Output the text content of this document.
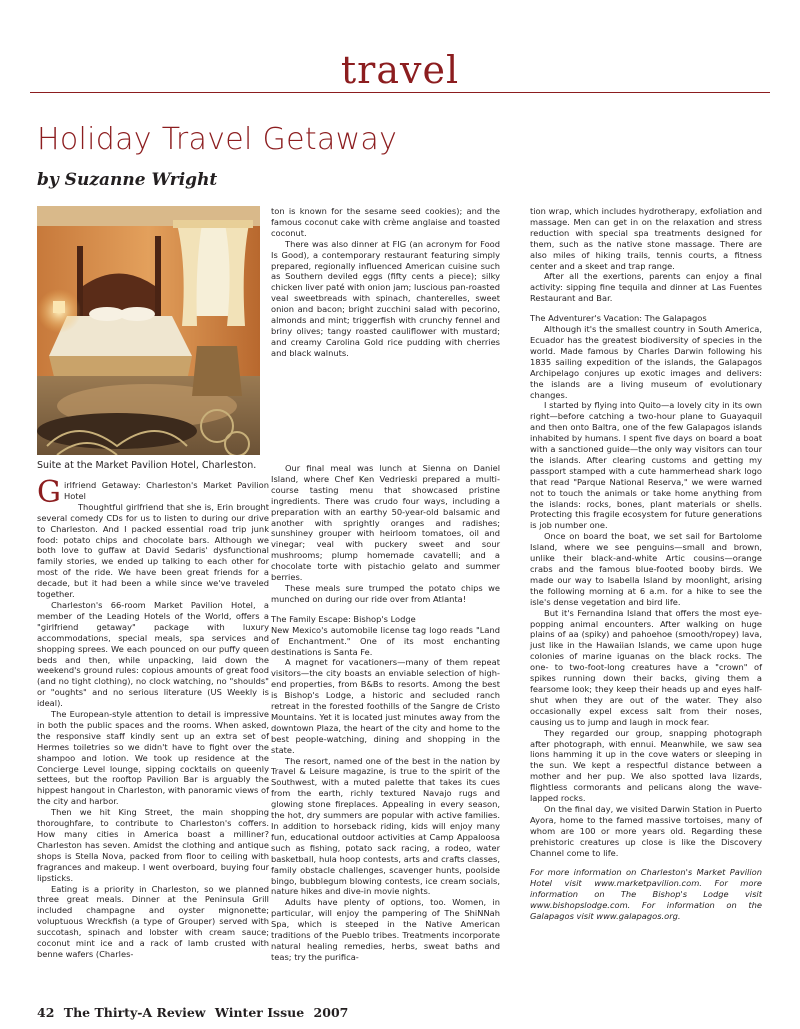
travel
Holiday Travel Getaway
by Suzanne Wright
Suite at the Market Pavilion Hotel, Charleston.

Girlfriend Getaway: Charleston's Market Pavilion Hotel

Thoughtful girlfriend that she is, Erin brought several comedy CDs for us to listen to during our drive to Charleston. And I packed essential road trip junk food: potato chips and chocolate bars. Although we both love to guffaw at David Sedaris' dysfunctional family stories, we ended up talking to each other for most of the ride. We have been great friends for a decade, but it had been a while since we've traveled together.

Charleston's 66-room Market Pavilion Hotel, a member of the Leading Hotels of the World, offers a "girlfriend getaway" package with luxury accommodations, special meals, spa services and shopping sprees. We each pounced on our puffy queen beds and then, while unpacking, laid down the weekend's ground rules: copious amounts of great food (and no tight clothing), no clock watching, no "shoulds" or "oughts" and no serious literature (US Weekly is ideal).

The European-style attention to detail is impressive in both the public spaces and the rooms. When asked, the responsive staff kindly sent up an extra set of Hermes toiletries so we didn't have to fight over the shampoo and lotion. We took up residence at the Concierge Level lounge, sipping cocktails on queenly settees, but the rooftop Pavilion Bar is arguably the hippest hangout in Charleston, with panoramic views of the city and harbor.

Then we hit King Street, the main shopping thoroughfare, to contribute to Charleston's coffers. How many cities in America boast a milliner? Charleston has seven. Amidst the clothing and antique shops is Stella Nova, packed from floor to ceiling with fragrances and makeup. I went overboard, buying four lipsticks.

Eating is a priority in Charleston, so we planned three great meals. Dinner at the Peninsula Grill included champagne and oyster mignonette; voluptuous Wreckfish (a type of Grouper) served with succotash, spinach and lobster with cream sauce; coconut mint ice and a rack of lamb crusted with benne wafers (Charles-

ton is known for the sesame seed cookies); and the famous coconut cake with crème anglaise and toasted coconut.

There was also dinner at FIG (an acronym for Food Is Good), a contemporary restaurant featuring simply prepared, regionally influenced American cuisine such as Southern deviled eggs (fifty cents a piece); silky chicken liver paté with onion jam; luscious pan-roasted veal sweetbreads with spinach, chanterelles, sweet onion and bacon; bright zucchini salad with pecorino, almonds and mint; triggerfish with crunchy fennel and briny olives; tangy roasted cauliflower with mustard; and creamy Carolina Gold rice pudding with cherries and black walnuts.

Our final meal was lunch at Sienna on Daniel Island, where Chef Ken Vedrieski prepared a multi-course tasting menu that showcased pristine ingredients. There was crudo four ways, including a preparation with an earthy 50-year-old balsamic and another with sprightly oranges and radishes; sunshiney grouper with heirloom tomatoes, oil and vinegar; veal with puckery sweet and sour mushrooms; plump homemade cavatelli; and a chocolate torte with pistachio gelato and summer berries.

These meals sure trumped the potato chips we munched on during our ride over from Atlanta!

The Family Escape: Bishop's Lodge

New Mexico's automobile license tag logo reads "Land of Enchantment." One of its most enchanting destinations is Santa Fe.

A magnet for vacationers—many of them repeat visitors—the city boasts an enviable selection of high-end properties, from B&Bs to resorts. Among the best is Bishop's Lodge, a historic and secluded ranch retreat in the forested foothills of the Sangre de Cristo Mountains. Yet it is located just minutes away from the downtown Plaza, the heart of the city and home to the best people-watching, dining and shopping in the state.

The resort, named one of the best in the nation by Travel & Leisure magazine, is true to the spirit of the Southwest, with a muted palette that takes its cues from the earth, richly textured Navajo rugs and glowing stone fireplaces. Appealing in every season, the hot, dry summers are popular with active families. In addition to horseback riding, kids will enjoy many fun, educational outdoor activities at Camp Appaloosa such as fishing, potato sack racing, a rodeo, water basketball, hula hoop contests, arts and crafts classes, family obstacle challenges, scavenger hunts, poolside bingo, bubblegum blowing contests, ice cream socials, nature hikes and dive-in movie nights.

Adults have plenty of options, too. Women, in particular, will enjoy the pampering of The ShiNNah Spa, which is steeped in the Native American traditions of the Pueblo tribes. Treatments incorporate natural healing remedies, herbs, sweat baths and teas; try the purifica-

tion wrap, which includes hydrotherapy, exfoliation and massage. Men can get in on the relaxation and stress reduction with special spa treatments designed for them, such as the native stone massage. There are also miles of hiking trails, tennis courts, a fitness center and a skeet and trap range.

After all the exertions, parents can enjoy a final activity: sipping fine tequila and dinner at Las Fuentes Restaurant and Bar.

The Adventurer's Vacation: The Galapagos

Although it's the smallest country in South America, Ecuador has the greatest biodiversity of species in the world. Made famous by Charles Darwin following his 1835 sailing expedition of the islands, the Galapagos Archipelago conjures up exotic images and delivers: the islands are a living museum of evolutionary changes.

I started by flying into Quito—a lovely city in its own right—before catching a two-hour plane to Guayaquil and then onto Baltra, one of the few Galapagos islands inhabited by humans. I spent five days on board a boat with a sanctioned guide—the only way visitors can tour the islands. After clearing customs and getting my passport stamped with a cute hammerhead shark logo that read "Parque National Reserva," we were warned not to touch the animals or take home anything from the islands: rocks, bones, plant materials or shells. Protecting this fragile ecosystem for future generations is job number one.

Once on board the boat, we set sail for Bartolome Island, where we see penguins—small and brown, unlike their black-and-white Artic cousins—orange crabs and the famous blue-footed booby birds. We made our way to Isabella Island by moonlight, arising the following morning at 6 a.m. for a hike to see the isle's dense vegetation and bird life.

But it's Fernandina Island that offers the most eye-popping animal encounters. After walking on huge plains of aa (spiky) and pahoehoe (smooth/ropey) lava, just like in the Hawaiian Islands, we came upon huge colonies of marine iguanas on the black rocks. The one- to two-foot-long creatures have a "crown" of spikes running down their backs, giving them a fearsome look; they keep their heads up and eyes half-shut when they are out of the water. They also occasionally expel excess salt from their noses, causing us to jump and laugh in mock fear.

They regarded our group, snapping photograph after photograph, with ennui. Meanwhile, we saw sea lions hamming it up in the cove waters or sleeping in the sun. We kept a respectful distance between a mother and her pup. We also spotted lava lizards, flightless cormorants and pelicans along the wave-lapped rocks.

On the final day, we visited Darwin Station in Puerto Ayora, home to the famed massive tortoises, many of whom are 100 or more years old. Regarding these prehistoric creatures up close is like the Discovery Channel come to life.

For more information on Charleston's Market Pavilion Hotel visit www.marketpavilion.com. For more information on The Bishop's Lodge visit www.bishopslodge.com. For information on the Galapagos visit www.galapagos.org.

42 The Thirty-A Review Winter Issue 2007
